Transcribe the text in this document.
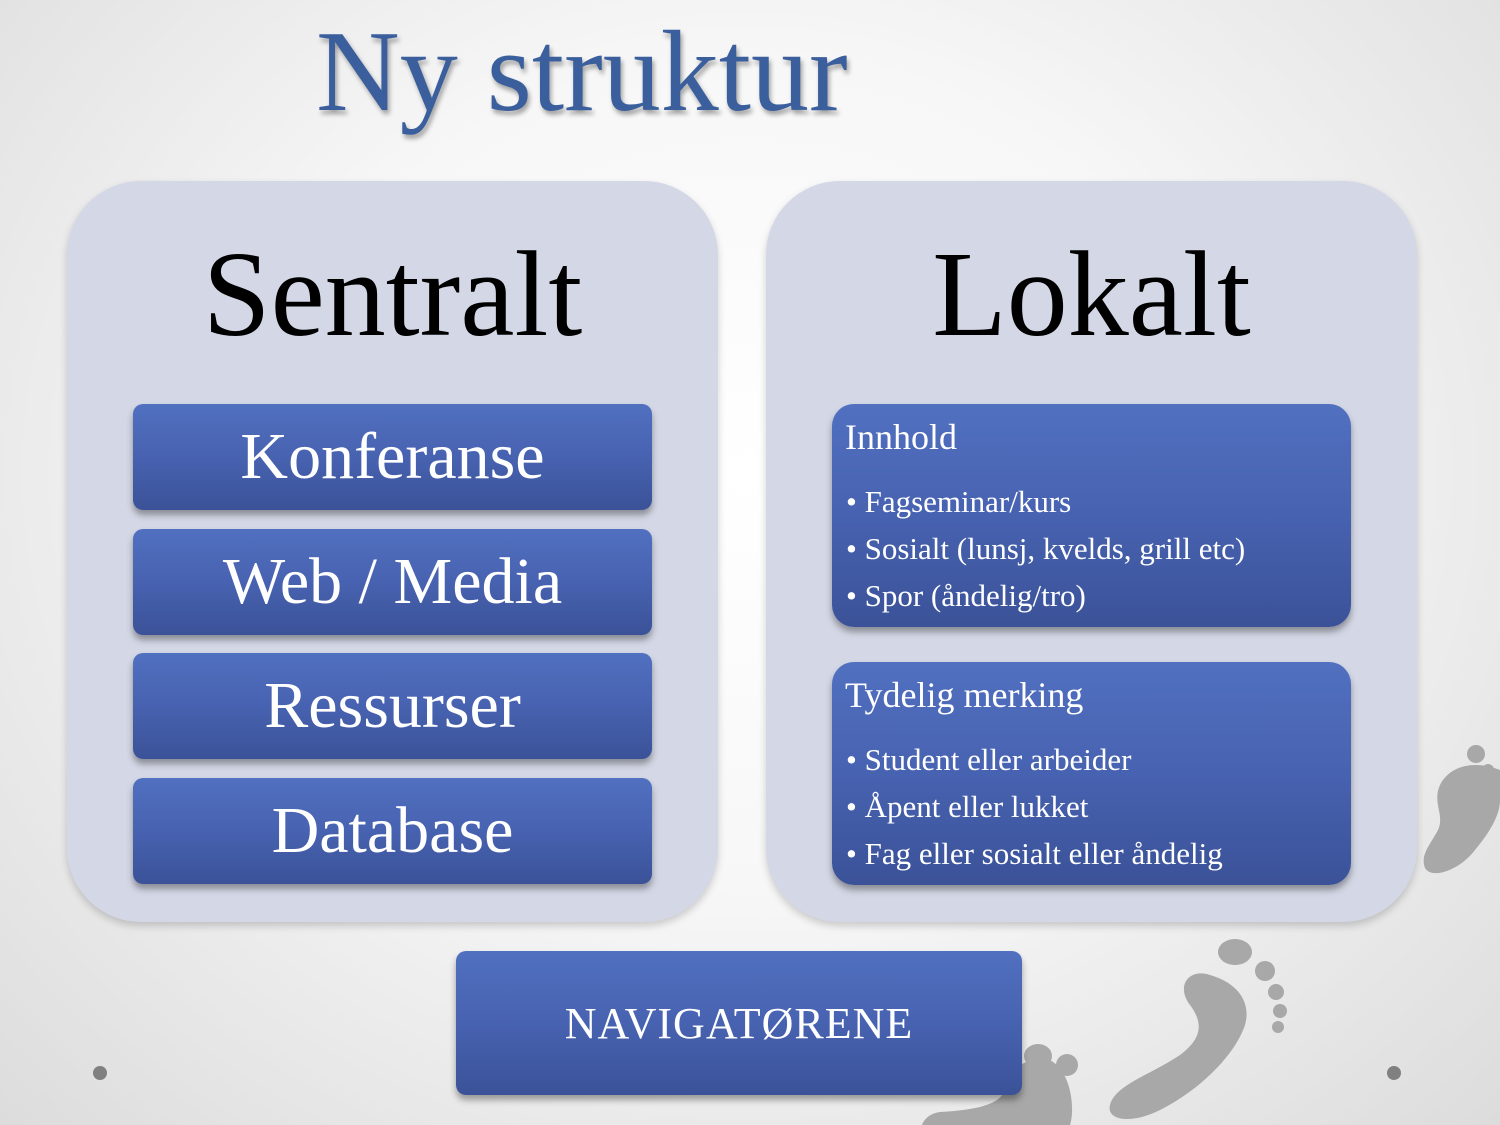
Ny struktur
Sentralt
Konferanse
Web / Media
Ressurser
Database
Lokalt
Innhold
• Fagseminar/kurs
• Sosialt (lunsj, kvelds, grill etc)
• Spor (åndelig/tro)
Tydelig merking
• Student eller arbeider
• Åpent eller lukket
• Fag eller sosialt eller åndelig
NAVIGATØRENE
